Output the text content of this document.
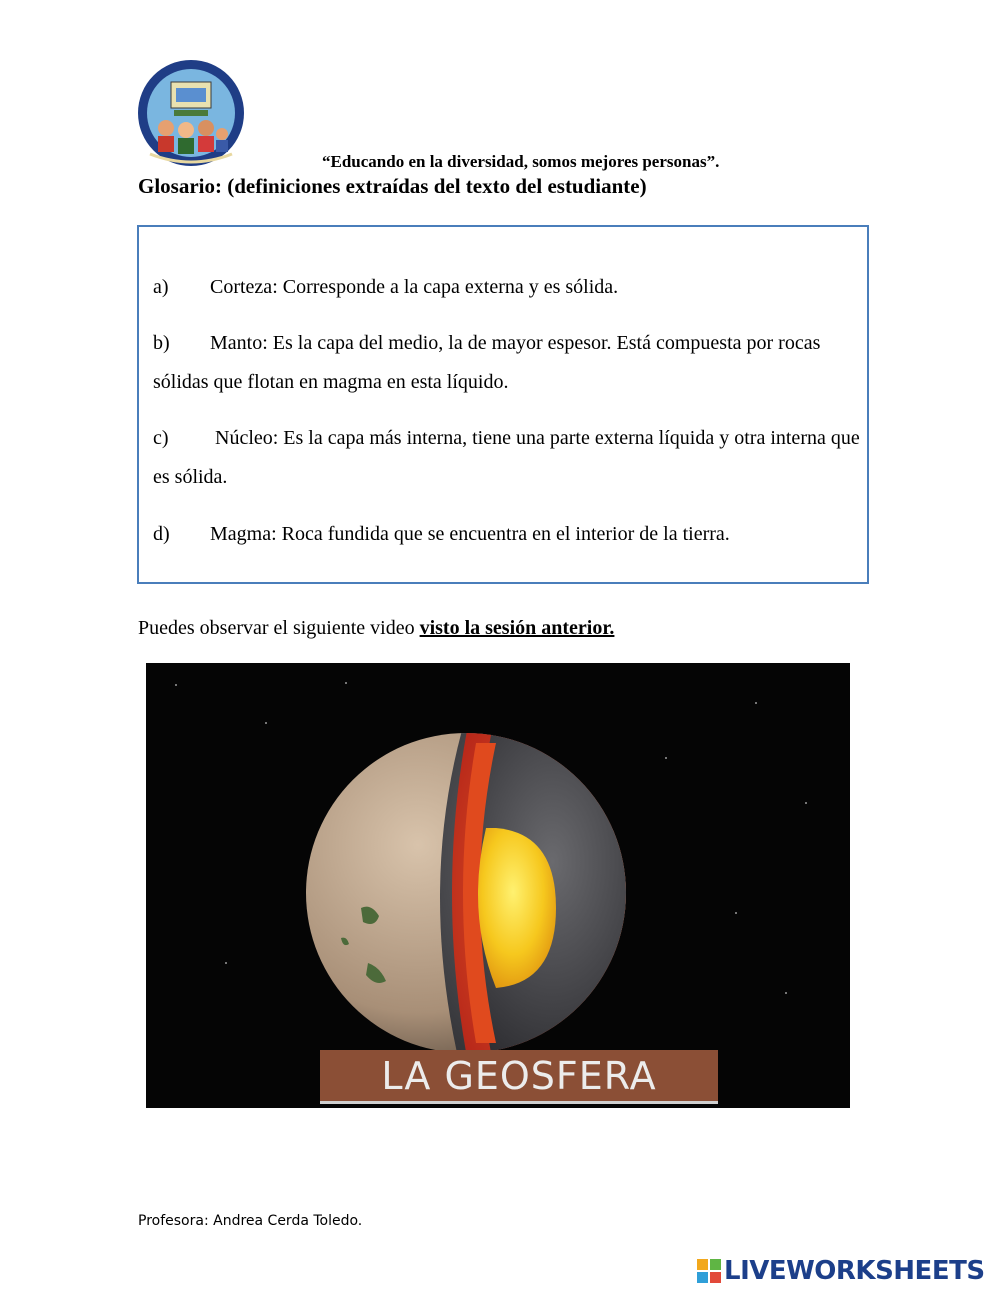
“Educando en la diversidad, somos mejores personas”.
Glosario: (definiciones extraídas del texto del estudiante)
a) Corteza: Corresponde a la capa externa y es sólida.
b) Manto: Es la capa del medio, la de mayor espesor. Está compuesta por rocas sólidas que flotan en magma en esta líquido.
c) Núcleo: Es la capa más interna, tiene una parte externa líquida y otra interna que es sólida.
d) Magma: Roca fundida que se encuentra en el interior de la tierra.
Puedes observar el siguiente video visto la sesión anterior.
LA GEOSFERA
Profesora: Andrea Cerda Toledo.
LIVEWORKSHEETS
